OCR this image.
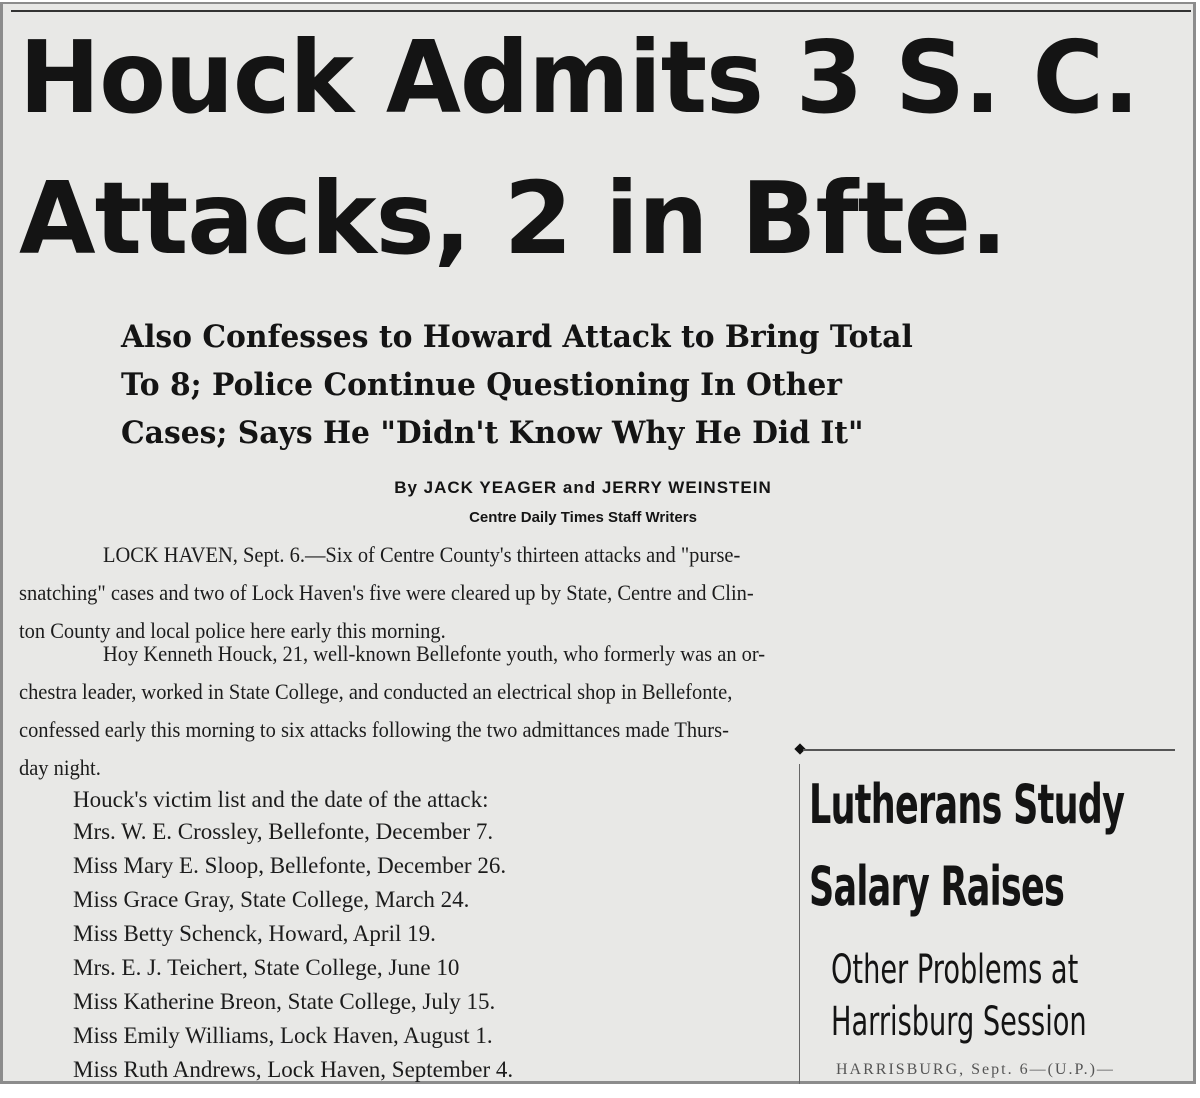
Houck Admits 3 S. C.
Attacks, 2 in Bfte.
Also Confesses to Howard Attack to Bring Total
To 8; Police Continue Questioning In Other
Cases; Says He "Didn't Know Why He Did It"
By JACK YEAGER and JERRY WEINSTEIN
Centre Daily Times Staff Writers
LOCK HAVEN, Sept. 6.—Six of Centre County's thirteen attacks and "purse-
snatching" cases and two of Lock Haven's five were cleared up by State, Centre and Clin-
ton County and local police here early this morning.
Hoy Kenneth Houck, 21, well-known Bellefonte youth, who formerly was an or-
chestra leader, worked in State College, and conducted an electrical shop in Bellefonte,
confessed early this morning to six attacks following the two admittances made Thurs-
day night.
Houck's victim list and the date of the attack:
Mrs. W. E. Crossley, Bellefonte, December 7.
Miss Mary E. Sloop, Bellefonte, December 26.
Miss Grace Gray, State College, March 24.
Miss Betty Schenck, Howard, April 19.
Mrs. E. J. Teichert, State College, June 10
Miss Katherine Breon, State College, July 15.
Miss Emily Williams, Lock Haven, August 1.
Miss Ruth Andrews, Lock Haven, September 4.
Lutherans Study
Salary Raises
Other Problems at
Harrisburg Session
HARRISBURG, Sept. 6—(U.P.)—
